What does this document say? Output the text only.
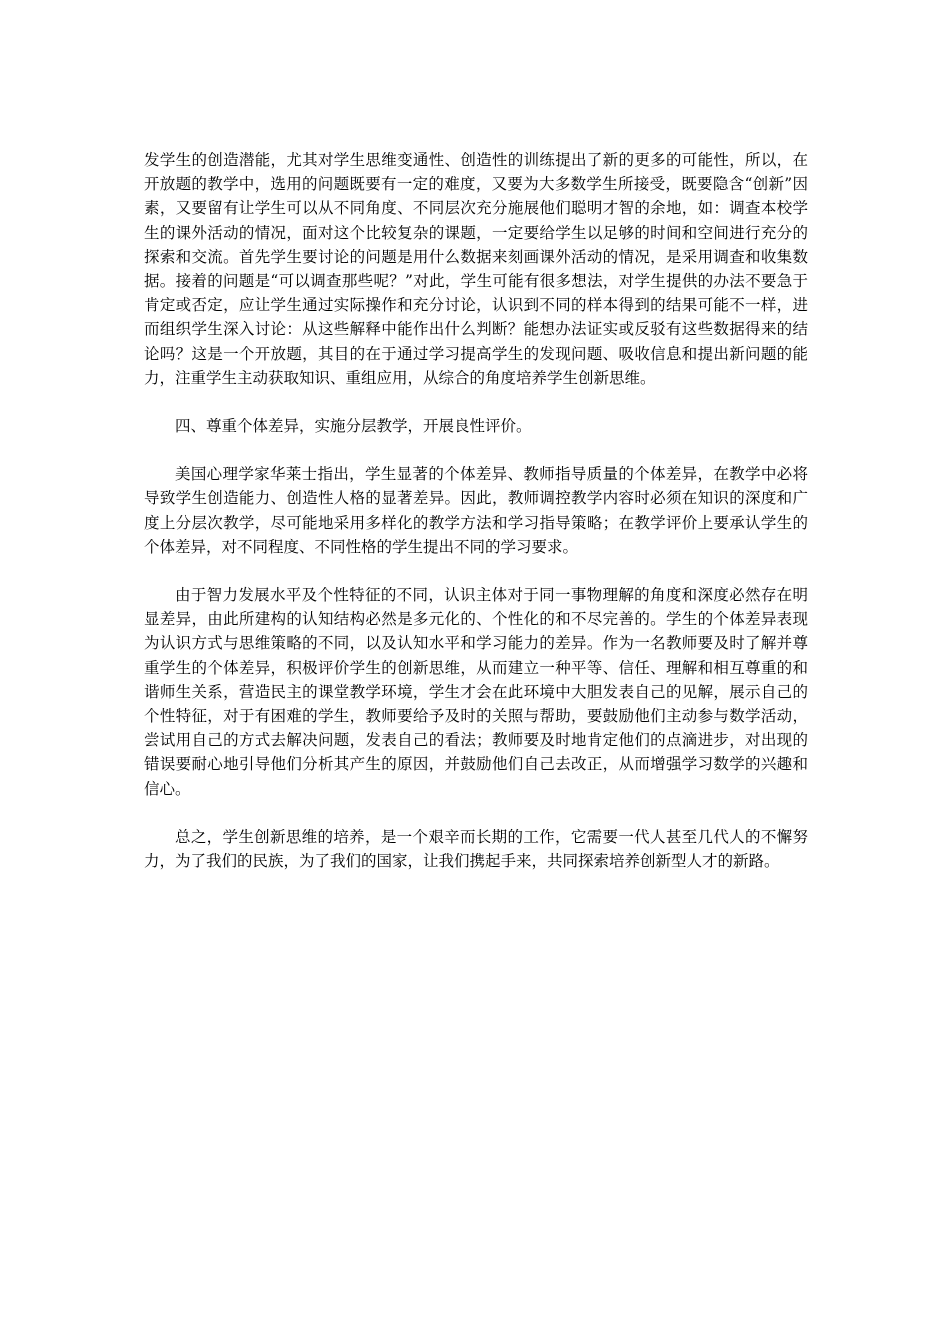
发学生的创造潜能，尤其对学生思维变通性、创造性的训练提出了新的更多的可能性，所以，在开放题的教学中，选用的问题既要有一定的难度，又要为大多数学生所接受，既要隐含“创新”因素，又要留有让学生可以从不同角度、不同层次充分施展他们聪明才智的余地，如：调查本校学生的课外活动的情况，面对这个比较复杂的课题，一定要给学生以足够的时间和空间进行充分的探索和交流。首先学生要讨论的问题是用什么数据来刻画课外活动的情况，是采用调查和收集数据。接着的问题是“可以调查那些呢？”对此，学生可能有很多想法，对学生提供的办法不要急于肯定或否定，应让学生通过实际操作和充分讨论，认识到不同的样本得到的结果可能不一样，进而组织学生深入讨论：从这些解释中能作出什么判断？能想办法证实或反驳有这些数据得来的结论吗？这是一个开放题，其目的在于通过学习提高学生的发现问题、吸收信息和提出新问题的能力，注重学生主动获取知识、重组应用，从综合的角度培养学生创新思维。

四、尊重个体差异，实施分层教学，开展良性评价。

美国心理学家华莱士指出，学生显著的个体差异、教师指导质量的个体差异，在教学中必将导致学生创造能力、创造性人格的显著差异。因此，教师调控教学内容时必须在知识的深度和广度上分层次教学，尽可能地采用多样化的教学方法和学习指导策略；在教学评价上要承认学生的个体差异，对不同程度、不同性格的学生提出不同的学习要求。

由于智力发展水平及个性特征的不同，认识主体对于同一事物理解的角度和深度必然存在明显差异，由此所建构的认知结构必然是多元化的、个性化的和不尽完善的。学生的个体差异表现为认识方式与思维策略的不同，以及认知水平和学习能力的差异。作为一名教师要及时了解并尊重学生的个体差异，积极评价学生的创新思维，从而建立一种平等、信任、理解和相互尊重的和谐师生关系，营造民主的课堂教学环境，学生才会在此环境中大胆发表自己的见解，展示自己的个性特征，对于有困难的学生，教师要给予及时的关照与帮助，要鼓励他们主动参与数学活动，尝试用自己的方式去解决问题，发表自己的看法；教师要及时地肯定他们的点滴进步，对出现的错误要耐心地引导他们分析其产生的原因，并鼓励他们自己去改正，从而增强学习数学的兴趣和信心。

总之，学生创新思维的培养，是一个艰辛而长期的工作，它需要一代人甚至几代人的不懈努力，为了我们的民族，为了我们的国家，让我们携起手来，共同探索培养创新型人才的新路。
